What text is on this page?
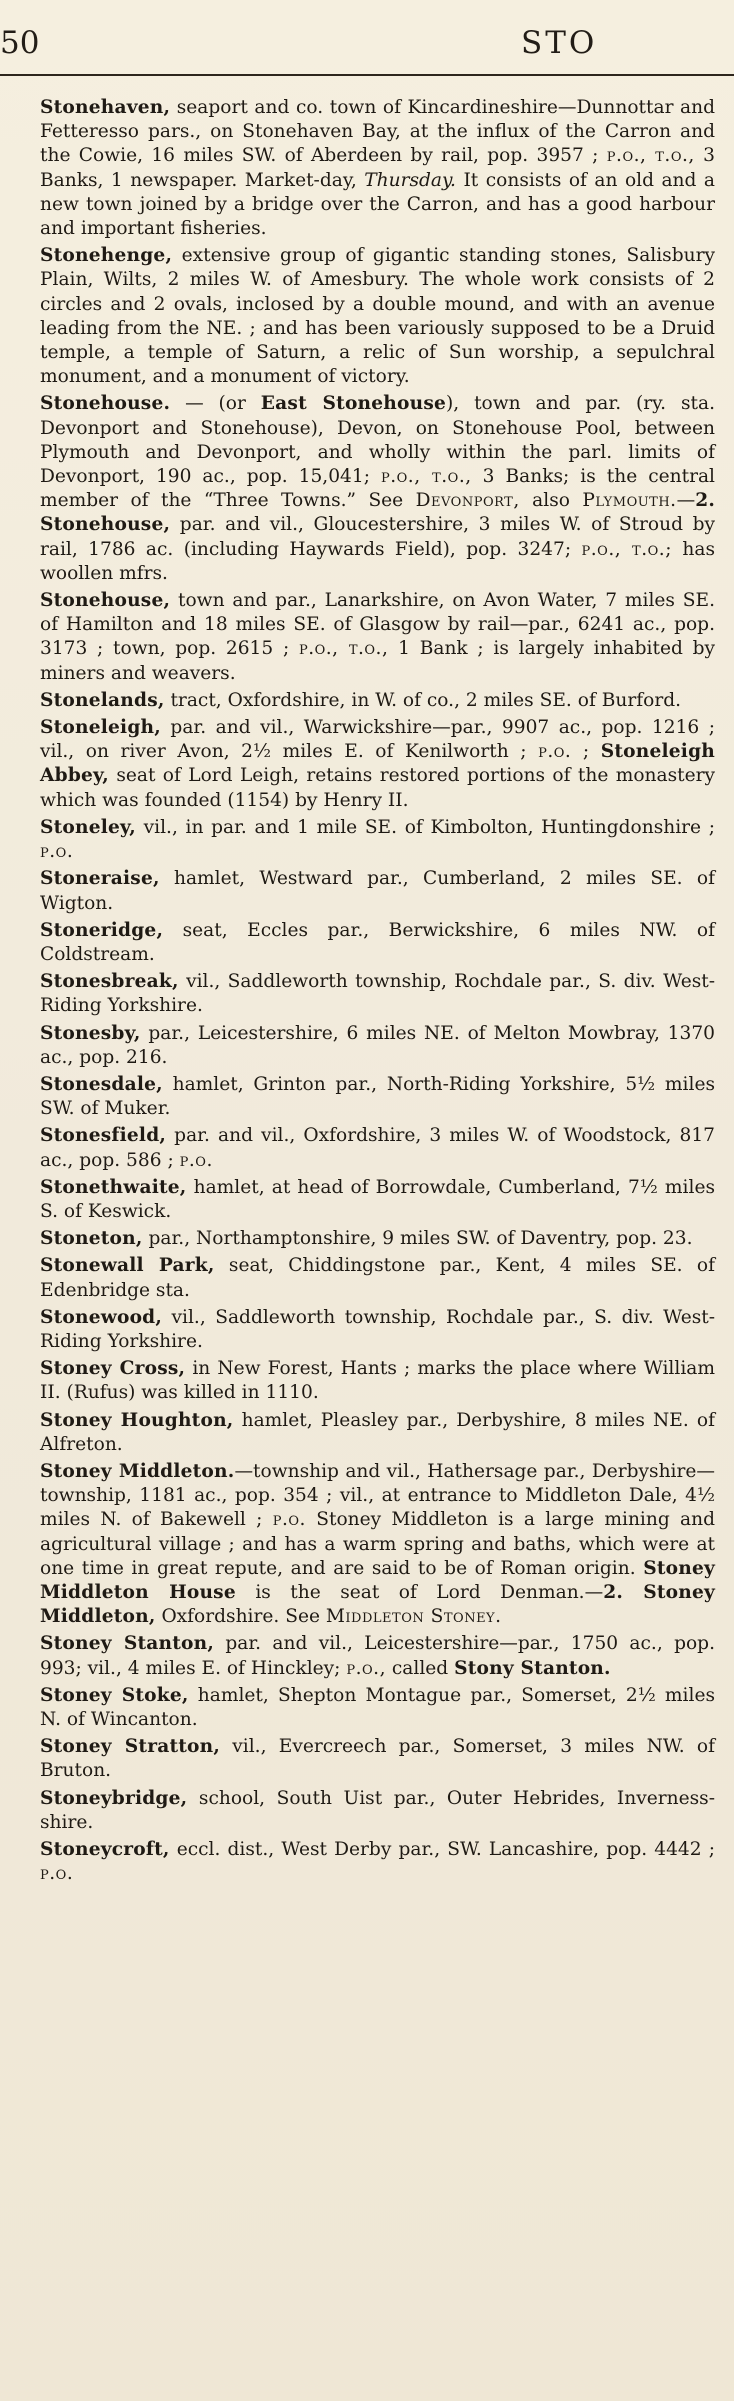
50	STO

Stonehaven, seaport and co. town of Kincardineshire—Dunnottar and Fetteresso pars., on Stonehaven Bay, at the influx of the Carron and the Cowie, 16 miles SW. of Aberdeen by rail, pop. 3957 ; p.o., t.o., 3 Banks, 1 newspaper. Market-day, Thursday. It consists of an old and a new town joined by a bridge over the Carron, and has a good harbour and important fisheries.

Stonehenge, extensive group of gigantic standing stones, Salisbury Plain, Wilts, 2 miles W. of Amesbury. The whole work consists of 2 circles and 2 ovals, inclosed by a double mound, and with an avenue leading from the NE. ; and has been variously supposed to be a Druid temple, a temple of Saturn, a relic of Sun worship, a sepulchral monument, and a monument of victory.

Stonehouse. — (or East Stonehouse), town and par. (ry. sta. Devonport and Stonehouse), Devon, on Stonehouse Pool, between Plymouth and Devonport, and wholly within the parl. limits of Devonport, 190 ac., pop. 15,041; p.o., t.o., 3 Banks; is the central member of the “Three Towns.” See Devonport, also Plymouth.—2. Stonehouse, par. and vil., Gloucestershire, 3 miles W. of Stroud by rail, 1786 ac. (including Haywards Field), pop. 3247; p.o., t.o.; has woollen mfrs.

Stonehouse, town and par., Lanarkshire, on Avon Water, 7 miles SE. of Hamilton and 18 miles SE. of Glasgow by rail—par., 6241 ac., pop. 3173 ; town, pop. 2615 ; p.o., t.o., 1 Bank ; is largely inhabited by miners and weavers.

Stonelands, tract, Oxfordshire, in W. of co., 2 miles SE. of Burford.

Stoneleigh, par. and vil., Warwickshire—par., 9907 ac., pop. 1216 ; vil., on river Avon, 2½ miles E. of Kenilworth ; p.o. ; Stoneleigh Abbey, seat of Lord Leigh, retains restored portions of the monastery which was founded (1154) by Henry II.

Stoneley, vil., in par. and 1 mile SE. of Kimbolton, Huntingdonshire ; p.o.

Stoneraise, hamlet, Westward par., Cumberland, 2 miles SE. of Wigton.

Stoneridge, seat, Eccles par., Berwickshire, 6 miles NW. of Coldstream.

Stonesbreak, vil., Saddleworth township, Rochdale par., S. div. West-Riding Yorkshire.

Stonesby, par., Leicestershire, 6 miles NE. of Melton Mowbray, 1370 ac., pop. 216.

Stonesdale, hamlet, Grinton par., North-Riding Yorkshire, 5½ miles SW. of Muker.

Stonesfield, par. and vil., Oxfordshire, 3 miles W. of Woodstock, 817 ac., pop. 586 ; p.o.

Stonethwaite, hamlet, at head of Borrowdale, Cumberland, 7½ miles S. of Keswick.

Stoneton, par., Northamptonshire, 9 miles SW. of Daventry, pop. 23.

Stonewall Park, seat, Chiddingstone par., Kent, 4 miles SE. of Edenbridge sta.

Stonewood, vil., Saddleworth township, Rochdale par., S. div. West-Riding Yorkshire.

Stoney Cross, in New Forest, Hants ; marks the place where William II. (Rufus) was killed in 1110.

Stoney Houghton, hamlet, Pleasley par., Derbyshire, 8 miles NE. of Alfreton.

Stoney Middleton.—township and vil., Hathersage par., Derbyshire—township, 1181 ac., pop. 354 ; vil., at entrance to Middleton Dale, 4½ miles N. of Bakewell ; p.o. Stoney Middleton is a large mining and agricultural village ; and has a warm spring and baths, which were at one time in great repute, and are said to be of Roman origin. Stoney Middleton House is the seat of Lord Denman.—2. Stoney Middleton, Oxfordshire. See Middleton Stoney.

Stoney Stanton, par. and vil., Leicestershire—par., 1750 ac., pop. 993; vil., 4 miles E. of Hinckley; p.o., called Stony Stanton.

Stoney Stoke, hamlet, Shepton Montague par., Somerset, 2½ miles N. of Wincanton.

Stoney Stratton, vil., Evercreech par., Somerset, 3 miles NW. of Bruton.

Stoneybridge, school, South Uist par., Outer Hebrides, Inverness-shire.

Stoneycroft, eccl. dist., West Derby par., SW. Lancashire, pop. 4442 ; p.o.
